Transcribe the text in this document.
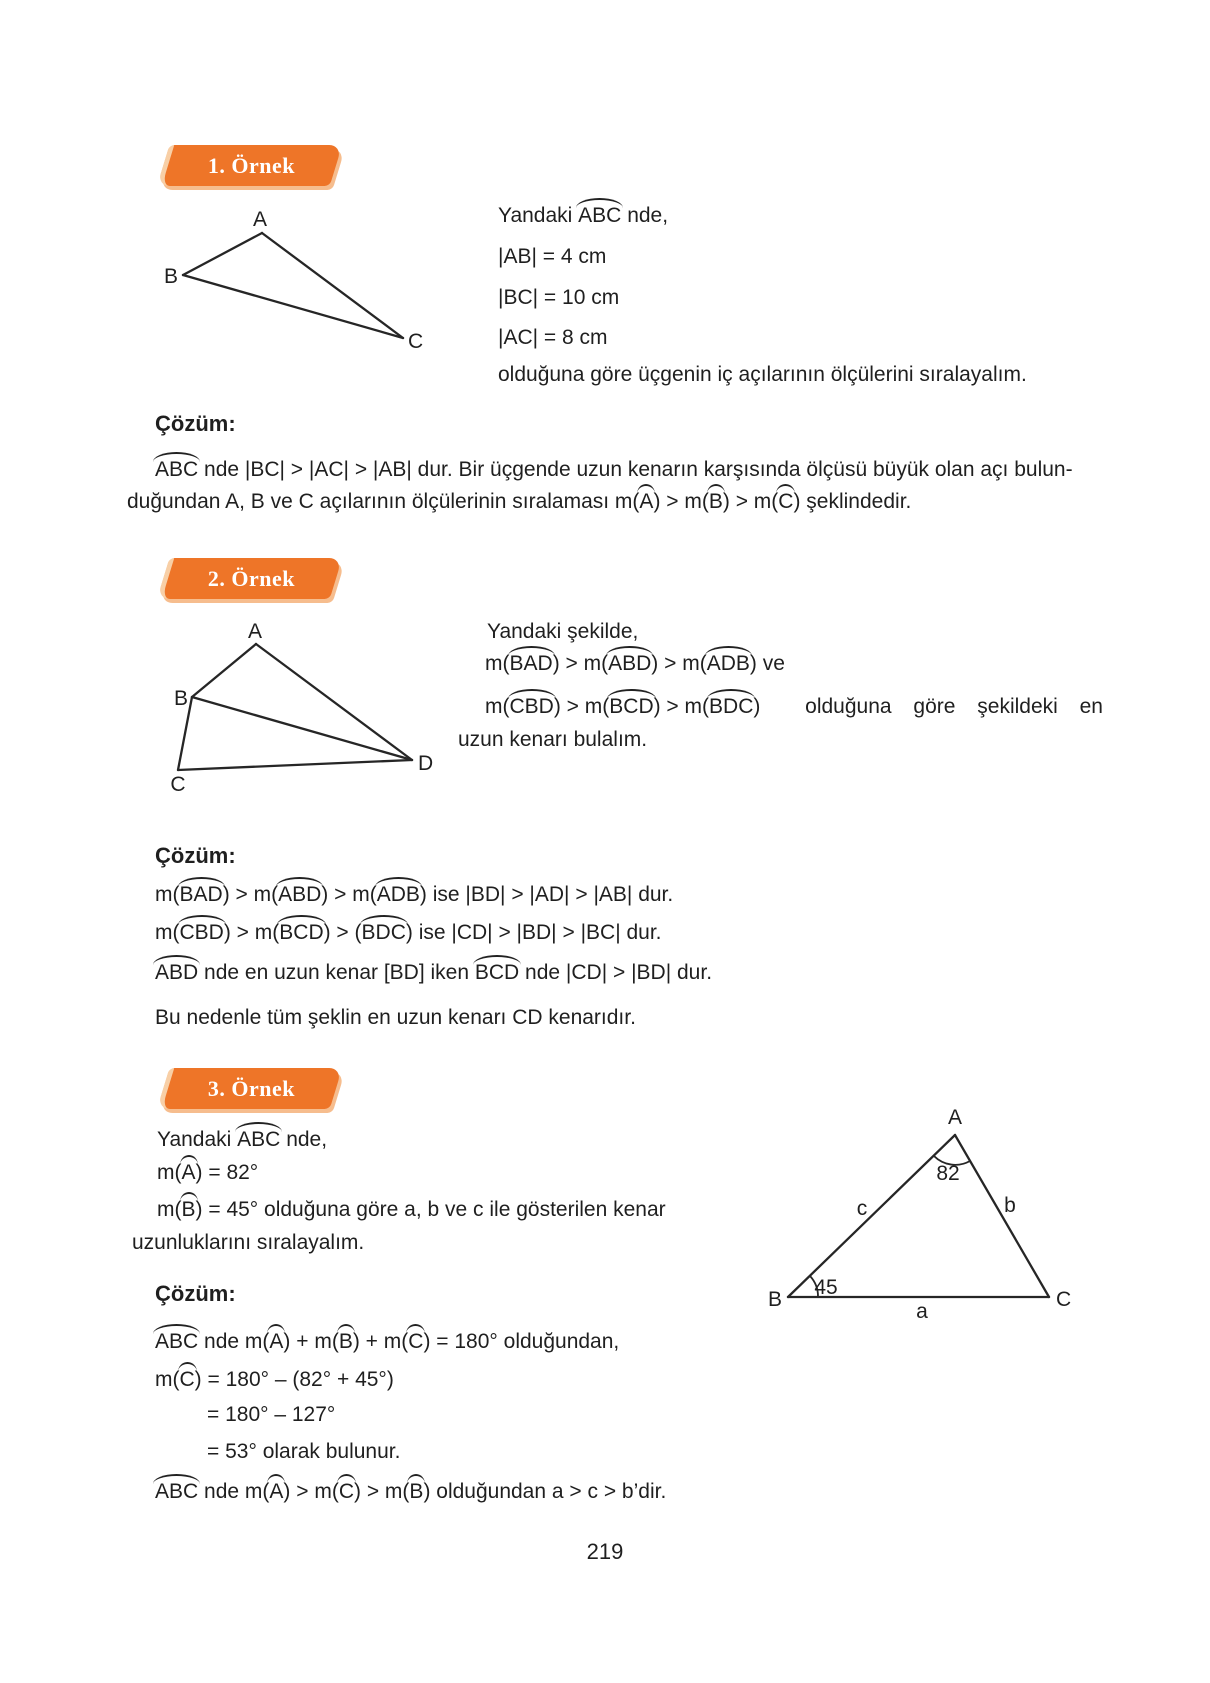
1. Örnek
A
B
C
Yandaki ABC nde,
|AB| = 4 cm
|BC| = 10 cm
|AC| = 8 cm
olduğuna göre üçgenin iç açılarının ölçülerini sıralayalım.
Çözüm:
ABC nde |BC| > |AC| > |AB| dur. Bir üçgende uzun kenarın karşısında ölçüsü büyük olan açı bulun-
duğundan A, B ve C açılarının ölçülerinin sıralaması m(A) > m(B) > m(C) şeklindedir.
2. Örnek
A
B
C
D
Yandaki şekilde,
m(BAD) > m(ABD) > m(ADB) ve
m(CBD) > m(BCD) > m(BDC) olduğuna göre şekildeki en
uzun kenarı bulalım.
Çözüm:
m(BAD) > m(ABD) > m(ADB) ise |BD| > |AD| > |AB| dur.
m(CBD) > m(BCD) > (BDC) ise |CD| > |BD| > |BC| dur.
ABD nde en uzun kenar [BD] iken BCD nde |CD| > |BD| dur.
Bu nedenle tüm şeklin en uzun kenarı CD kenarıdır.
3. Örnek
Yandaki ABC nde,
m(A) = 82°
m(B) = 45° olduğuna göre a, b ve c ile gösterilen kenar
uzunluklarını sıralayalım.
A
B	C
82
45
c	b
a
Çözüm:
ABC nde m(A) + m(B) + m(C) = 180° olduğundan,
m(C) = 180° – (82° + 45°)
= 180° – 127°
= 53° olarak bulunur.
ABC nde m(A) > m(C) > m(B) olduğundan a > c > b’dir.
219
